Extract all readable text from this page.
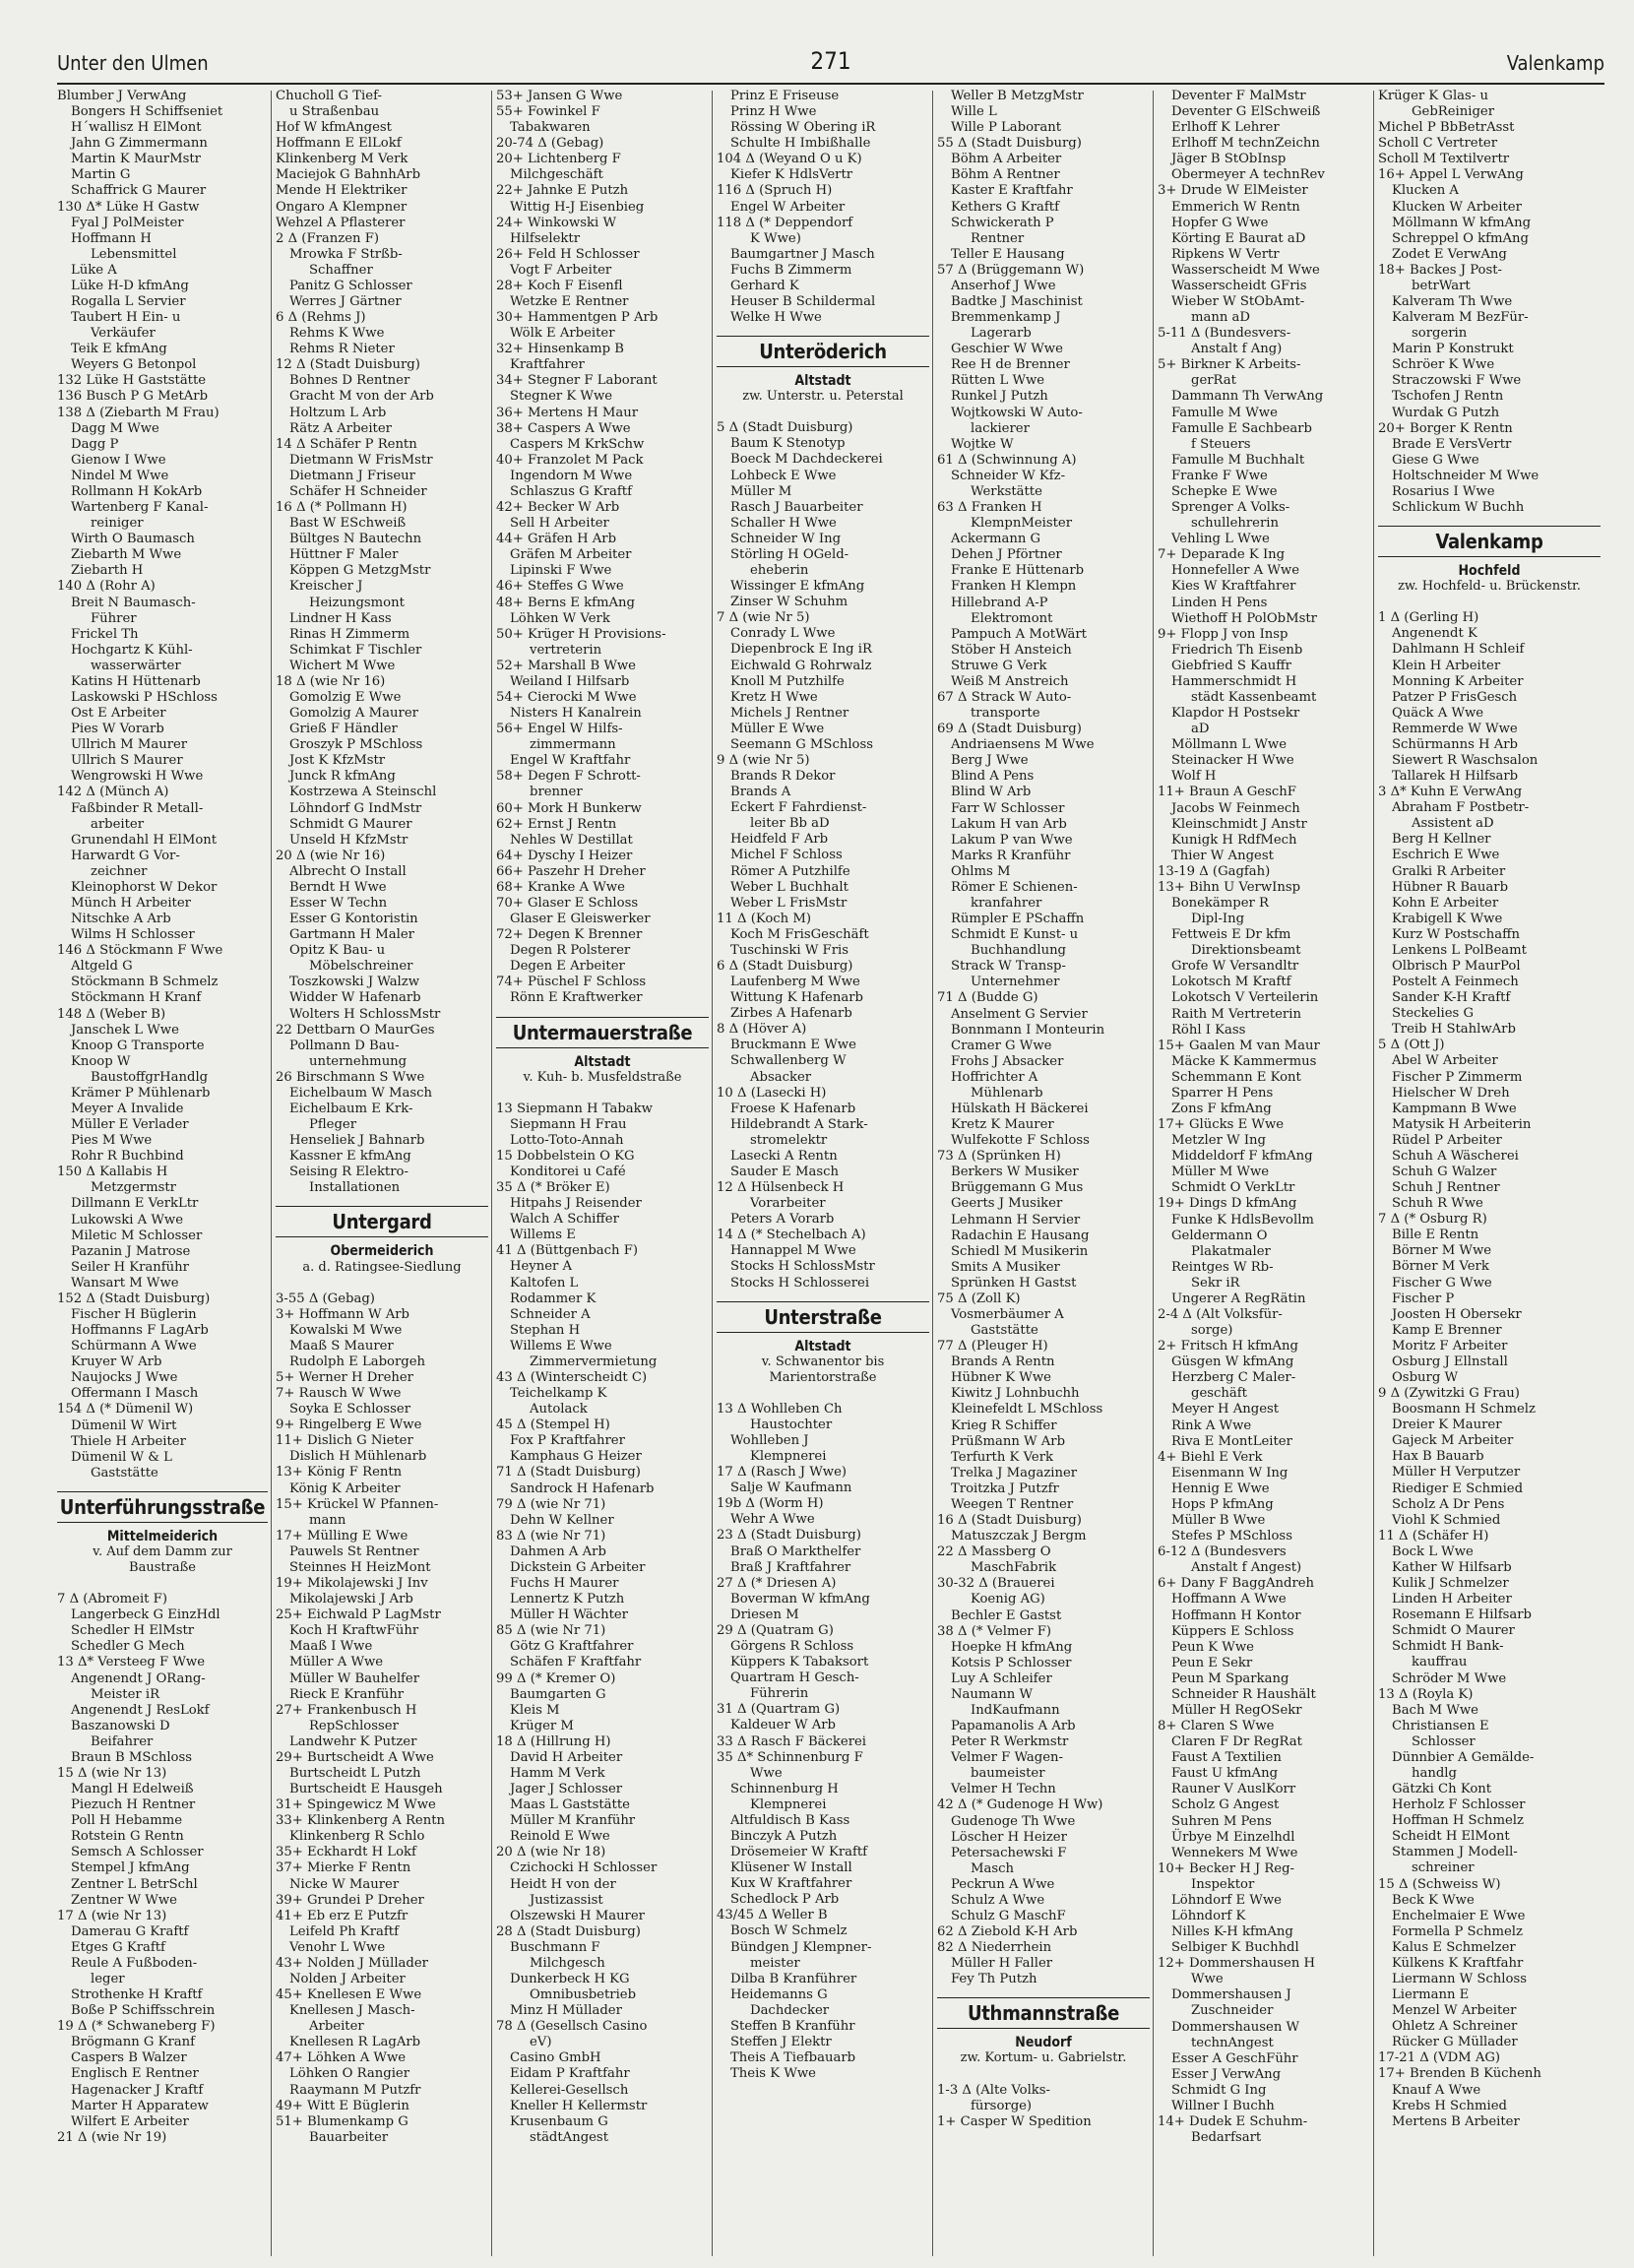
Unter den Ulmen	271	Valenkamp
Blumber J VerwAng
Bongers H Schiffseniet
H´wallisz H ElMont
Jahn G Zimmermann
Martin K MaurMstr
Martin G
Schaffrick G Maurer
130 Δ* Lüke H Gastw
Fyal J PolMeister
Hoffmann H
Lebensmittel
Lüke A
Lüke H-D kfmAng
Rogalla L Servier
Taubert H Ein- u
Verkäufer
Teik E kfmAng
Weyers G Betonpol
132 Lüke H Gaststätte
136 Busch P G MetArb
138 Δ (Ziebarth M Frau)
Dagg M Wwe
Dagg P
Gienow I Wwe
Nindel M Wwe
Rollmann H KokArb
Wartenberg F Kanal-
reiniger
Wirth O Baumasch
Ziebarth M Wwe
Ziebarth H
140 Δ (Rohr A)
Breit N Baumasch-
Führer
Frickel Th
Hochgartz K Kühl-
wasserwärter
Katins H Hüttenarb
Laskowski P HSchloss
Ost E Arbeiter
Pies W Vorarb
Ullrich M Maurer
Ullrich S Maurer
Wengrowski H Wwe
142 Δ (Münch A)
Faßbinder R Metall-
arbeiter
Grunendahl H ElMont
Harwardt G Vor-
zeichner
Kleinophorst W Dekor
Münch H Arbeiter
Nitschke A Arb
Wilms H Schlosser
146 Δ Stöckmann F Wwe
Altgeld G
Stöckmann B Schmelz
Stöckmann H Kranf
148 Δ (Weber B)
Janschek L Wwe
Knoop G Transporte
Knoop W
BaustoffgrHandlg
Krämer P Mühlenarb
Meyer A Invalide
Müller E Verlader
Pies M Wwe
Rohr R Buchbind
150 Δ Kallabis H
Metzgermstr
Dillmann E VerkLtr
Lukowski A Wwe
Miletic M Schlosser
Pazanin J Matrose
Seiler H Kranführ
Wansart M Wwe
152 Δ (Stadt Duisburg)
Fischer H Büglerin
Hoffmanns F LagArb
Schürmann A Wwe
Kruyer W Arb
Naujocks J Wwe
Offermann I Masch
154 Δ (* Dümenil W)
Dümenil W Wirt
Thiele H Arbeiter
Dümenil W & L
Gaststätte
Unterführungsstraße
Mittelmeiderich
v. Auf dem Damm zur
Baustraße
7 Δ (Abromeit F)
Langerbeck G EinzHdl
Schedler H ElMstr
Schedler G Mech
13 Δ* Versteeg F Wwe
Angenendt J ORang-
Meister iR
Angenendt J ResLokf
Baszanowski D
Beifahrer
Braun B MSchloss
15 Δ (wie Nr 13)
Mangl H Edelweiß
Piezuch H Rentner
Poll H Hebamme
Rotstein G Rentn
Semsch A Schlosser
Stempel J kfmAng
Zentner L BetrSchl
Zentner W Wwe
17 Δ (wie Nr 13)
Damerau G Kraftf
Etges G Kraftf
Reule A Fußboden-
leger
Strothenke H Kraftf
Boße P Schiffsschrein
19 Δ (* Schwaneberg F)
Brögmann G Kranf
Caspers B Walzer
Englisch E Rentner
Hagenacker J Kraftf
Marter H Apparatew
Wilfert E Arbeiter
21 Δ (wie Nr 19)
Chucholl G Tief-
u Straßenbau
Hof W kfmAngest
Hoffmann E ElLokf
Klinkenberg M Verk
Maciejok G BahnhArb
Mende H Elektriker
Ongaro A Klempner
Wehzel A Pflasterer
2 Δ (Franzen F)
Mrowka F Strßb-
Schaffner
Panitz G Schlosser
Werres J Gärtner
6 Δ (Rehms J)
Rehms K Wwe
Rehms R Nieter
12 Δ (Stadt Duisburg)
Bohnes D Rentner
Gracht M von der Arb
Holtzum L Arb
Rätz A Arbeiter
14 Δ Schäfer P Rentn
Dietmann W FrisMstr
Dietmann J Friseur
Schäfer H Schneider
16 Δ (* Pollmann H)
Bast W ESchweiß
Bültges N Bautechn
Hüttner F Maler
Köppen G MetzgMstr
Kreischer J
Heizungsmont
Lindner H Kass
Rinas H Zimmerm
Schimkat F Tischler
Wichert M Wwe
18 Δ (wie Nr 16)
Gomolzig E Wwe
Gomolzig A Maurer
Grieß F Händler
Groszyk P MSchloss
Jost K KfzMstr
Junck R kfmAng
Kostrzewa A Steinschl
Löhndorf G IndMstr
Schmidt G Maurer
Unseld H KfzMstr
20 Δ (wie Nr 16)
Albrecht O Install
Berndt H Wwe
Esser W Techn
Esser G Kontoristin
Gartmann H Maler
Opitz K Bau- u
Möbelschreiner
Toszkowski J Walzw
Widder W Hafenarb
Wolters H SchlossMstr
22 Dettbarn O MaurGes
Pollmann D Bau-
unternehmung
26 Birschmann S Wwe
Eichelbaum W Masch
Eichelbaum E Krk-
Pfleger
Henseliek J Bahnarb
Kassner E kfmAng
Seising R Elektro-
Installationen
Untergard
Obermeiderich
a. d. Ratingsee-Siedlung
3-55 Δ (Gebag)
3+ Hoffmann W Arb
Kowalski M Wwe
Maaß S Maurer
Rudolph E Laborgeh
5+ Werner H Dreher
7+ Rausch W Wwe
Soyka E Schlosser
9+ Ringelberg E Wwe
11+ Dislich G Nieter
Dislich H Mühlenarb
13+ König F Rentn
König K Arbeiter
15+ Krückel W Pfannen-
mann
17+ Mülling E Wwe
Pauwels St Rentner
Steinnes H HeizMont
19+ Mikolajewski J Inv
Mikolajewski J Arb
25+ Eichwald P LagMstr
Koch H KraftwFühr
Maaß I Wwe
Müller A Wwe
Müller W Bauhelfer
Rieck E Kranführ
27+ Frankenbusch H
RepSchlosser
Landwehr K Putzer
29+ Burtscheidt A Wwe
Burtscheidt L Putzh
Burtscheidt E Hausgeh
31+ Spingewicz M Wwe
33+ Klinkenberg A Rentn
Klinkenberg R Schlo
35+ Eckhardt H Lokf
37+ Mierke F Rentn
Nicke W Maurer
39+ Grundei P Dreher
41+ Eb erz E Putzfr
Leifeld Ph Kraftf
Venohr L Wwe
43+ Nolden J Müllader
Nolden J Arbeiter
45+ Knellesen E Wwe
Knellesen J Masch-
Arbeiter
Knellesen R LagArb
47+ Löhken A Wwe
Löhken O Rangier
Raaymann M Putzfr
49+ Witt E Büglerin
51+ Blumenkamp G
Bauarbeiter
53+ Jansen G Wwe
55+ Fowinkel F
Tabakwaren
20-74 Δ (Gebag)
20+ Lichtenberg F
Milchgeschäft
22+ Jahnke E Putzh
Wittig H-J Eisenbieg
24+ Winkowski W
Hilfselektr
26+ Feld H Schlosser
Vogt F Arbeiter
28+ Koch F Eisenfl
Wetzke E Rentner
30+ Hammentgen P Arb
Wölk E Arbeiter
32+ Hinsenkamp B
Kraftfahrer
34+ Stegner F Laborant
Stegner K Wwe
36+ Mertens H Maur
38+ Caspers A Wwe
Caspers M KrkSchw
40+ Franzolet M Pack
Ingendorn M Wwe
Schlaszus G Kraftf
42+ Becker W Arb
Sell H Arbeiter
44+ Gräfen H Arb
Gräfen M Arbeiter
Lipinski F Wwe
46+ Steffes G Wwe
48+ Berns E kfmAng
Löhken W Verk
50+ Krüger H Provisions-
vertreterin
52+ Marshall B Wwe
Weiland I Hilfsarb
54+ Cierocki M Wwe
Nisters H Kanalrein
56+ Engel W Hilfs-
zimmermann
Engel W Kraftfahr
58+ Degen F Schrott-
brenner
60+ Mork H Bunkerw
62+ Ernst J Rentn
Nehles W Destillat
64+ Dyschy I Heizer
66+ Paszehr H Dreher
68+ Kranke A Wwe
70+ Glaser E Schloss
Glaser E Gleiswerker
72+ Degen K Brenner
Degen R Polsterer
Degen E Arbeiter
74+ Püschel F Schloss
Rönn E Kraftwerker
Untermauerstraße
Altstadt
v. Kuh- b. Musfeldstraße
13 Siepmann H Tabakw
Siepmann H Frau
Lotto-Toto-Annah
15 Dobbelstein O KG
Konditorei u Café
35 Δ (* Bröker E)
Hitpahs J Reisender
Walch A Schiffer
Willems E
41 Δ (Büttgenbach F)
Heyner A
Kaltofen L
Rodammer K
Schneider A
Stephan H
Willems E Wwe
Zimmervermietung
43 Δ (Winterscheidt C)
Teichelkamp K
Autolack
45 Δ (Stempel H)
Fox P Kraftfahrer
Kamphaus G Heizer
71 Δ (Stadt Duisburg)
Sandrock H Hafenarb
79 Δ (wie Nr 71)
Dehn W Kellner
83 Δ (wie Nr 71)
Dahmen A Arb
Dickstein G Arbeiter
Fuchs H Maurer
Lennertz K Putzh
Müller H Wächter
85 Δ (wie Nr 71)
Götz G Kraftfahrer
Schäfen F Kraftfahr
99 Δ (* Kremer O)
Baumgarten G
Kleis M
Krüger M
18 Δ (Hillrung H)
David H Arbeiter
Hamm M Verk
Jager J Schlosser
Maas L Gaststätte
Müller M Kranführ
Reinold E Wwe
20 Δ (wie Nr 18)
Czichocki H Schlosser
Heidt H von der
Justizassist
Olszewski H Maurer
28 Δ (Stadt Duisburg)
Buschmann F
Milchgesch
Dunkerbeck H KG
Omnibusbetrieb
Minz H Müllader
78 Δ (Gesellsch Casino
eV)
Casino GmbH
Eidam P Kraftfahr
Kellerei-Gesellsch
Kneller H Kellermstr
Krusenbaum G
städtAngest
Prinz E Friseuse
Prinz H Wwe
Rössing W Obering iR
Schulte H Imbißhalle
104 Δ (Weyand O u K)
Kiefer K HdlsVertr
116 Δ (Spruch H)
Engel W Arbeiter
118 Δ (* Deppendorf
K Wwe)
Baumgartner J Masch
Fuchs B Zimmerm
Gerhard K
Heuser B Schildermal
Welke H Wwe
Unteröderich
Altstadt
zw. Unterstr. u. Peterstal
5 Δ (Stadt Duisburg)
Baum K Stenotyp
Boeck M Dachdeckerei
Lohbeck E Wwe
Müller M
Rasch J Bauarbeiter
Schaller H Wwe
Schneider W Ing
Störling H OGeld-
eheberin
Wissinger E kfmAng
Zinser W Schuhm
7 Δ (wie Nr 5)
Conrady L Wwe
Diepenbrock E Ing iR
Eichwald G Rohrwalz
Knoll M Putzhilfe
Kretz H Wwe
Michels J Rentner
Müller E Wwe
Seemann G MSchloss
9 Δ (wie Nr 5)
Brands R Dekor
Brands A
Eckert F Fahrdienst-
leiter Bb aD
Heidfeld F Arb
Michel F Schloss
Römer A Putzhilfe
Weber L Buchhalt
Weber L FrisMstr
11 Δ (Koch M)
Koch M FrisGeschäft
Tuschinski W Fris
6 Δ (Stadt Duisburg)
Laufenberg M Wwe
Wittung K Hafenarb
Zirbes A Hafenarb
8 Δ (Höver A)
Bruckmann E Wwe
Schwallenberg W
Absacker
10 Δ (Lasecki H)
Froese K Hafenarb
Hildebrandt A Stark-
stromelektr
Lasecki A Rentn
Sauder E Masch
12 Δ Hülsenbeck H
Vorarbeiter
Peters A Vorarb
14 Δ (* Stechelbach A)
Hannappel M Wwe
Stocks H SchlossMstr
Stocks H Schlosserei
Unterstraße
Altstadt
v. Schwanentor bis
Marientorstraße
13 Δ Wohlleben Ch
Haustochter
Wohlleben J
Klempnerei
17 Δ (Rasch J Wwe)
Salje W Kaufmann
19b Δ (Worm H)
Wehr A Wwe
23 Δ (Stadt Duisburg)
Braß O Markthelfer
Braß J Kraftfahrer
27 Δ (* Driesen A)
Boverman W kfmAng
Driesen M
29 Δ (Quatram G)
Görgens R Schloss
Küppers K Tabaksort
Quartram H Gesch-
Führerin
31 Δ (Quartram G)
Kaldeuer W Arb
33 Δ Rasch F Bäckerei
35 Δ* Schinnenburg F
Wwe
Schinnenburg H
Klempnerei
Altfuldisch B Kass
Binczyk A Putzh
Drösemeier W Kraftf
Klüsener W Install
Kux W Kraftfahrer
Schedlock P Arb
43/45 Δ Weller B
Bosch W Schmelz
Bündgen J Klempner-
meister
Dilba B Kranführer
Heidemanns G
Dachdecker
Steffen B Kranführ
Steffen J Elektr
Theis A Tiefbauarb
Theis K Wwe
Weller B MetzgMstr
Wille L
Wille P Laborant
55 Δ (Stadt Duisburg)
Böhm A Arbeiter
Böhm A Rentner
Kaster E Kraftfahr
Kethers G Kraftf
Schwickerath P
Rentner
Teller E Hausang
57 Δ (Brüggemann W)
Anserhof J Wwe
Badtke J Maschinist
Bremmenkamp J
Lagerarb
Geschier W Wwe
Ree H de Brenner
Rütten L Wwe
Runkel J Putzh
Wojtkowski W Auto-
lackierer
Wojtke W
61 Δ (Schwinnung A)
Schneider W Kfz-
Werkstätte
63 Δ Franken H
KlempnMeister
Ackermann G
Dehen J Pförtner
Franke E Hüttenarb
Franken H Klempn
Hillebrand A-P
Elektromont
Pampuch A MotWärt
Stöber H Ansteich
Struwe G Verk
Weiß M Anstreich
67 Δ Strack W Auto-
transporte
69 Δ (Stadt Duisburg)
Andriaensens M Wwe
Berg J Wwe
Blind A Pens
Blind W Arb
Farr W Schlosser
Lakum H van Arb
Lakum P van Wwe
Marks R Kranführ
Ohlms M
Römer E Schienen-
kranfahrer
Rümpler E PSchaffn
Schmidt E Kunst- u
Buchhandlung
Strack W Transp-
Unternehmer
71 Δ (Budde G)
Anselment G Servier
Bonnmann I Monteurin
Cramer G Wwe
Frohs J Absacker
Hoffrichter A
Mühlenarb
Hülskath H Bäckerei
Kretz K Maurer
Wulfekotte F Schloss
73 Δ (Sprünken H)
Berkers W Musiker
Brüggemann G Mus
Geerts J Musiker
Lehmann H Servier
Radachin E Hausang
Schiedl M Musikerin
Smits A Musiker
Sprünken H Gastst
75 Δ (Zoll K)
Vosmerbäumer A
Gaststätte
77 Δ (Pleuger H)
Brands A Rentn
Hübner K Wwe
Kiwitz J Lohnbuchh
Kleinefeldt L MSchloss
Krieg R Schiffer
Prüßmann W Arb
Terfurth K Verk
Trelka J Magaziner
Troitzka J Putzfr
Weegen T Rentner
16 Δ (Stadt Duisburg)
Matuszczak J Bergm
22 Δ Massberg O
MaschFabrik
30-32 Δ (Brauerei
Koenig AG)
Bechler E Gastst
38 Δ (* Velmer F)
Hoepke H kfmAng
Kotsis P Schlosser
Luy A Schleifer
Naumann W
IndKaufmann
Papamanolis A Arb
Peter R Werkmstr
Velmer F Wagen-
baumeister
Velmer H Techn
42 Δ (* Gudenoge H Ww)
Gudenoge Th Wwe
Löscher H Heizer
Petersachewski F
Masch
Peckrun A Wwe
Schulz A Wwe
Schulz G MaschF
62 Δ Ziebold K-H Arb
82 Δ Niederrhein
Müller H Faller
Fey Th Putzh
Uthmannstraße
Neudorf
zw. Kortum- u. Gabrielstr.
1-3 Δ (Alte Volks-
fürsorge)
1+ Casper W Spedition
Deventer F MalMstr
Deventer G ElSchweiß
Erlhoff K Lehrer
Erlhoff M technZeichn
Jäger B StObInsp
Obermeyer A technRev
3+ Drude W ElMeister
Emmerich W Rentn
Hopfer G Wwe
Körting E Baurat aD
Ripkens W Vertr
Wasserscheidt M Wwe
Wasserscheidt GFris
Wieber W StObAmt-
mann aD
5-11 Δ (Bundesvers-
Anstalt f Ang)
5+ Birkner K Arbeits-
gerRat
Dammann Th VerwAng
Famulle M Wwe
Famulle E Sachbearb
f Steuers
Famulle M Buchhalt
Franke F Wwe
Schepke E Wwe
Sprenger A Volks-
schullehrerin
Vehling L Wwe
7+ Deparade K Ing
Honnefeller A Wwe
Kies W Kraftfahrer
Linden H Pens
Wiethoff H PolObMstr
9+ Flopp J von Insp
Friedrich Th Eisenb
Giebfried S Kauffr
Hammerschmidt H
städt Kassenbeamt
Klapdor H Postsekr
aD
Möllmann L Wwe
Steinacker H Wwe
Wolf H
11+ Braun A GeschF
Jacobs W Feinmech
Kleinschmidt J Anstr
Kunigk H RdfMech
Thier W Angest
13-19 Δ (Gagfah)
13+ Bihn U VerwInsp
Bonekämper R
Dipl-Ing
Fettweis E Dr kfm
Direktionsbeamt
Grofe W Versandltr
Lokotsch M Kraftf
Lokotsch V Verteilerin
Raith M Vertreterin
Röhl I Kass
15+ Gaalen M van Maur
Mäcke K Kammermus
Schemmann E Kont
Sparrer H Pens
Zons F kfmAng
17+ Glücks E Wwe
Metzler W Ing
Middeldorf F kfmAng
Müller M Wwe
Schmidt O VerkLtr
19+ Dings D kfmAng
Funke K HdlsBevollm
Geldermann O
Plakatmaler
Reintges W Rb-
Sekr iR
Ungerer A RegRätin
2-4 Δ (Alt Volksfür-
sorge)
2+ Fritsch H kfmAng
Güsgen W kfmAng
Herzberg C Maler-
geschäft
Meyer H Angest
Rink A Wwe
Riva E MontLeiter
4+ Biehl E Verk
Eisenmann W Ing
Hennig E Wwe
Hops P kfmAng
Müller B Wwe
Stefes P MSchloss
6-12 Δ (Bundesvers
Anstalt f Angest)
6+ Dany F BaggAndreh
Hoffmann A Wwe
Hoffmann H Kontor
Küppers E Schloss
Peun K Wwe
Peun E Sekr
Peun M Sparkang
Schneider R Haushält
Müller H RegOSekr
8+ Claren S Wwe
Claren F Dr RegRat
Faust A Textilien
Faust U kfmAng
Rauner V AuslKorr
Scholz G Angest
Suhren M Pens
Ürbye M Einzelhdl
Wennekers M Wwe
10+ Becker H J Reg-
Inspektor
Löhndorf E Wwe
Löhndorf K
Nilles K-H kfmAng
Selbiger K Buchhdl
12+ Dommershausen H
Wwe
Dommershausen J
Zuschneider
Dommershausen W
technAngest
Esser A GeschFühr
Esser J VerwAng
Schmidt G Ing
Willner I Buchh
14+ Dudek E Schuhm-
Bedarfsart
Krüger K Glas- u
GebReiniger
Michel P BbBetrAsst
Scholl C Vertreter
Scholl M Textilvertr
16+ Appel L VerwAng
Klucken A
Klucken W Arbeiter
Möllmann W kfmAng
Schreppel O kfmAng
Zodet E VerwAng
18+ Backes J Post-
betrWart
Kalveram Th Wwe
Kalveram M BezFür-
sorgerin
Marin P Konstrukt
Schröer K Wwe
Straczowski F Wwe
Tschofen J Rentn
Wurdak G Putzh
20+ Borger K Rentn
Brade E VersVertr
Giese G Wwe
Holtschneider M Wwe
Rosarius I Wwe
Schlickum W Buchh
Valenkamp
Hochfeld
zw. Hochfeld- u. Brückenstr.
1 Δ (Gerling H)
Angenendt K
Dahlmann H Schleif
Klein H Arbeiter
Monning K Arbeiter
Patzer P FrisGesch
Quäck A Wwe
Remmerde W Wwe
Schürmanns H Arb
Siewert R Waschsalon
Tallarek H Hilfsarb
3 Δ* Kuhn E VerwAng
Abraham F Postbetr-
Assistent aD
Berg H Kellner
Eschrich E Wwe
Gralki R Arbeiter
Hübner R Bauarb
Kohn E Arbeiter
Krabigell K Wwe
Kurz W Postschaffn
Lenkens L PolBeamt
Olbrisch P MaurPol
Postelt A Feinmech
Sander K-H Kraftf
Steckelies G
Treib H StahlwArb
5 Δ (Ott J)
Abel W Arbeiter
Fischer P Zimmerm
Hielscher W Dreh
Kampmann B Wwe
Matysik H Arbeiterin
Rüdel P Arbeiter
Schuh A Wäscherei
Schuh G Walzer
Schuh J Rentner
Schuh R Wwe
7 Δ (* Osburg R)
Bille E Rentn
Börner M Wwe
Börner M Verk
Fischer G Wwe
Fischer P
Joosten H Obersekr
Kamp E Brenner
Moritz F Arbeiter
Osburg J Ellnstall
Osburg W
9 Δ (Zywitzki G Frau)
Boosmann H Schmelz
Dreier K Maurer
Gajeck M Arbeiter
Hax B Bauarb
Müller H Verputzer
Riediger E Schmied
Scholz A Dr Pens
Viohl K Schmied
11 Δ (Schäfer H)
Bock L Wwe
Kather W Hilfsarb
Kulik J Schmelzer
Linden H Arbeiter
Rosemann E Hilfsarb
Schmidt O Maurer
Schmidt H Bank-
kauffrau
Schröder M Wwe
13 Δ (Royla K)
Bach M Wwe
Christiansen E
Schlosser
Dünnbier A Gemälde-
handlg
Gätzki Ch Kont
Herholz F Schlosser
Hoffman H Schmelz
Scheidt H ElMont
Stammen J Modell-
schreiner
15 Δ (Schweiss W)
Beck K Wwe
Enchelmaier E Wwe
Formella P Schmelz
Kalus E Schmelzer
Külkens K Kraftfahr
Liermann W Schloss
Liermann E
Menzel W Arbeiter
Ohletz A Schreiner
Rücker G Müllader
17-21 Δ (VDM AG)
17+ Brenden B Küchenh
Knauf A Wwe
Krebs H Schmied
Mertens B Arbeiter
